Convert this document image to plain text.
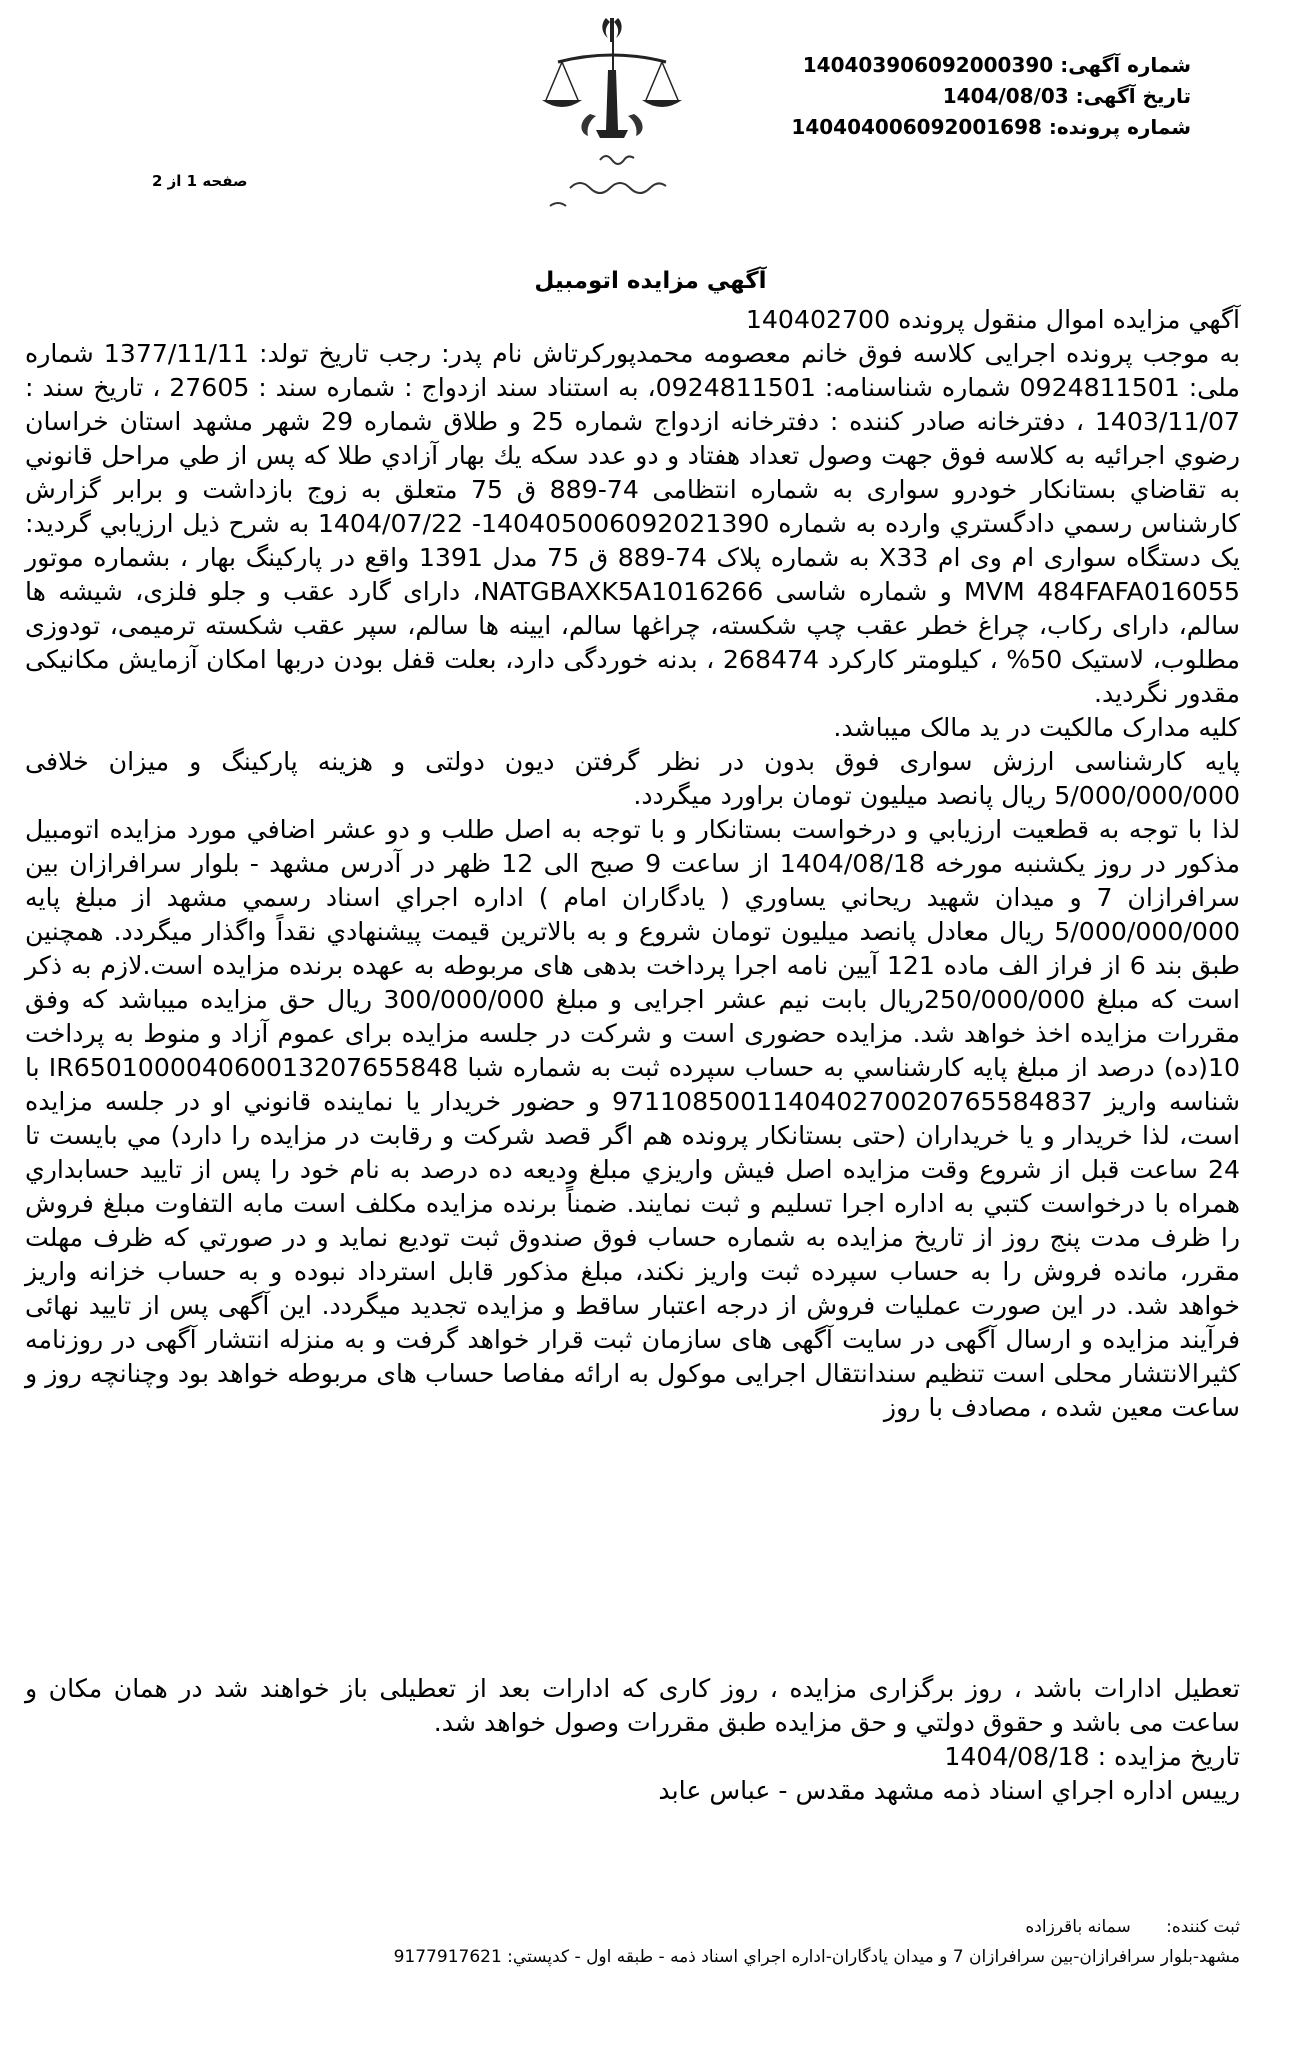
شماره آگهی: 140403906092000390
تاریخ آگهی: 1404/08/03
شماره پرونده: 140404006092001698
صفحه 1 از 2
آگهي مزايده اتومبيل

آگهي مزايده اموال منقول پرونده 140402700

به موجب پرونده اجرایی کلاسه فوق خانم معصومه محمدپورکرتاش نام پدر: رجب تاریخ تولد: 1377/11/11 شماره ملی: 0924811501 شماره شناسنامه: 0924811501، به استناد سند ازدواج : شماره سند : 27605 ، تاریخ سند : 1403/11/07 ، دفترخانه صادر کننده : دفترخانه ازدواج شماره 25 و طلاق شماره 29 شهر مشهد استان خراسان رضوي اجرائيه به كلاسه فوق جهت وصول تعداد هفتاد و دو عدد سكه يك بهار آزادي طلا كه پس از طي مراحل قانوني به تقاضاي بستانكار خودرو سواری به شماره انتظامی 74-889 ق 75 متعلق به زوج بازداشت و برابر گزارش كارشناس رسمي دادگستري وارده به شماره 140405006092021390- 1404/07/22 به شرح ذیل ارزيابي گرديد: یک دستگاه سواری ام وی ام X33 به شماره پلاک 74-889 ق 75 مدل 1391 واقع در پارکینگ بهار ، بشماره موتور MVM 484FAFA016055 و شماره شاسی NATGBAXK5A1016266، دارای گارد عقب و جلو فلزی، شیشه ها سالم، دارای رکاب، چراغ خطر عقب چپ شکسته، چراغها سالم، ایینه ها سالم، سپر عقب شکسته ترمیمی، تودوزی مطلوب، لاستیک 50% ، کیلومتر کارکرد 268474 ، بدنه خوردگی دارد، بعلت قفل بودن دربها امکان آزمایش مکانیکی مقدور نگردید.

کلیه مدارک مالکیت در ید مالک میباشد.

پایه کارشناسی ارزش سواری فوق بدون در نظر گرفتن دیون دولتی و هزینه پارکینگ و میزان خلافی 5/000/000/000 ریال پانصد میلیون تومان براورد میگردد.

لذا با توجه به قطعيت ارزيابي و درخواست بستانكار و با توجه به اصل طلب و دو عشر اضافي مورد مزايده اتومبیل مذکور در روز یکشنبه مورخه 1404/08/18 از ساعت 9 صبح الی 12 ظهر در آدرس مشهد - بلوار سرافرازان بين سرافرازان 7 و ميدان شهيد ريحاني يساوري ( يادگاران امام ) اداره اجراي اسناد رسمي مشهد از مبلغ پایه 5/000/000/000 ریال معادل پانصد میلیون تومان شروع و به بالاترين قيمت پيشنهادي نقداً واگذار ميگردد. همچنین طبق بند 6 از فراز الف ماده 121 آیین نامه اجرا پرداخت بدهی های مربوطه به عهده برنده مزایده است.لازم به ذکر است که مبلغ 250/000/000ریال بابت نیم عشر اجرایی و مبلغ 300/000/000 ریال حق مزایده میباشد که وفق مقررات مزایده اخذ خواهد شد. مزایده حضوری است و شرکت در جلسه مزایده برای عموم آزاد و منوط به پرداخت 10(ده) درصد از مبلغ پایه کارشناسي به حساب سپرده ثبت به شماره شبا IR650100004060013207655848 با شناسه واریز 971108500114040270020765584837 و حضور خريدار يا نماينده قانوني او در جلسه مزايده است، لذا خریدار و یا خریداران (حتی بستانکار پرونده هم اگر قصد شرکت و رقابت در مزایده را دارد) مي بايست تا 24 ساعت قبل از شروع وقت مزايده اصل فيش واريزي مبلغ وديعه ده درصد به نام خود را پس از تاييد حسابداري همراه با درخواست كتبي به اداره اجرا تسليم و ثبت نمايند. ضمناً برنده مزایده مکلف است مابه التفاوت مبلغ فروش را ظرف مدت پنج روز از تاریخ مزایده به شماره حساب فوق صندوق ثبت تودیع نماید و در صورتي كه ظرف مهلت مقرر، مانده فروش را به حساب سپرده ثبت واريز نكند، مبلغ مذكور قابل استرداد نبوده و به حساب خزانه واريز خواهد شد. در اين صورت عمليات فروش از درجه اعتبار ساقط و مزايده تجديد ميگردد. اين آگهی پس از تایید نهائی فرآیند مزایده و ارسال آگهی در سایت آگهی های سازمان ثبت قرار خواهد گرفت و به منزله انتشار آگهی در روزنامه کثیرالانتشار محلی است تنظیم سندانتقال اجرایی موکول به ارائه مفاصا حساب های مربوطه خواهد بود وچنانچه روز و ساعت معین شده ، مصادف با روز

تعطیل ادارات باشد ، روز برگزاری مزایده ، روز کاری که ادارات بعد از تعطیلی باز خواهند شد در همان مکان و ساعت می باشد و حقوق دولتي و حق مزايده طبق مقررات وصول خواهد شد.

تاریخ مزایده : 1404/08/18

رییس اداره اجراي اسناد ذمه مشهد مقدس - عباس عابد

ثبت کننده: سمانه باقرزاده
مشهد-بلوار سرافرازان-بین سرافرازان 7 و میدان یادگاران-اداره اجراي اسناد ذمه - طبقه اول - کدپستي: 9177917621
